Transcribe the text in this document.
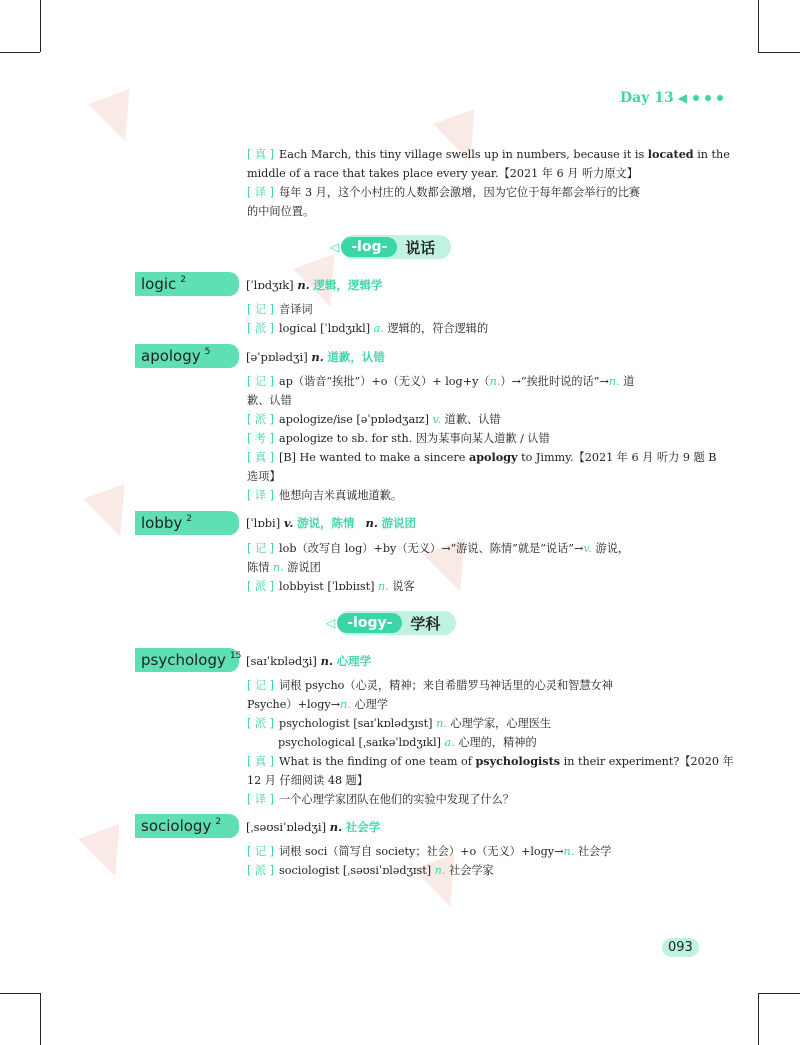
Day 13 ◀
[ 真 ] Each March, this tiny village swells up in numbers, because it is located in the
middle of a race that takes place every year.【2021 年 6 月 听力原文】
[ 译 ] 每年 3 月，这个小村庄的人数都会激增，因为它位于每年都会举行的比赛
的中间位置。
◁ -log-	说话
logic $^2$	[ˈlɒdʒɪk] n. 逻辑，逻辑学
[ 记 ] 音译词
[ 派 ] logical [ˈlɒdʒɪkl] a. 逻辑的，符合逻辑的
apology $^5$	[əˈpɒlədʒi] n. 道歉，认错
[ 记 ] ap（谐音“挨批”）+o（无义）+ log+y（n.）→“挨批时说的话”→n. 道
歉、认错
[ 派 ] apologize/ise [əˈpɒlədʒaɪz] v. 道歉、认错
[ 考 ] apologize to sb. for sth. 因为某事向某人道歉 / 认错
[ 真 ] [B] He wanted to make a sincere apology to Jimmy.【2021 年 6 月 听力 9 题 B
选项】
[ 译 ] 他想向吉米真诚地道歉。
lobby $^2$	[ˈlɒbi] v. 游说，陈情 n. 游说团
[ 记 ] lob（改写自 log）+by（无义）→“游说、陈情”就是“说话”→v. 游说，
陈情 n. 游说团
[ 派 ] lobbyist [ˈlɒbiɪst] n. 说客
◁ -logy-	学科
psychology $^{15}$ [saɪˈkɒlədʒi] n. 心理学
[ 记 ] 词根 psycho（心灵，精神；来自希腊罗马神话里的心灵和智慧女神
Psyche）+logy→n. 心理学
[ 派 ] psychologist [saɪˈkɒlədʒɪst] n. 心理学家，心理医生
psychological [ˌsaɪkəˈlɒdʒɪkl] a. 心理的，精神的
[ 真 ] What is the finding of one team of psychologists in their experiment?【2020 年
12 月 仔细阅读 48 题】
[ 译 ] 一个心理学家团队在他们的实验中发现了什么？
sociology $^2$ [ˌsəʊsiˈɒlədʒi] n. 社会学
[ 记 ] 词根 soci（简写自 society；社会）+o（无义）+logy→n. 社会学
[ 派 ] sociologist [ˌsəʊsiˈɒlədʒɪst] n. 社会学家
093
